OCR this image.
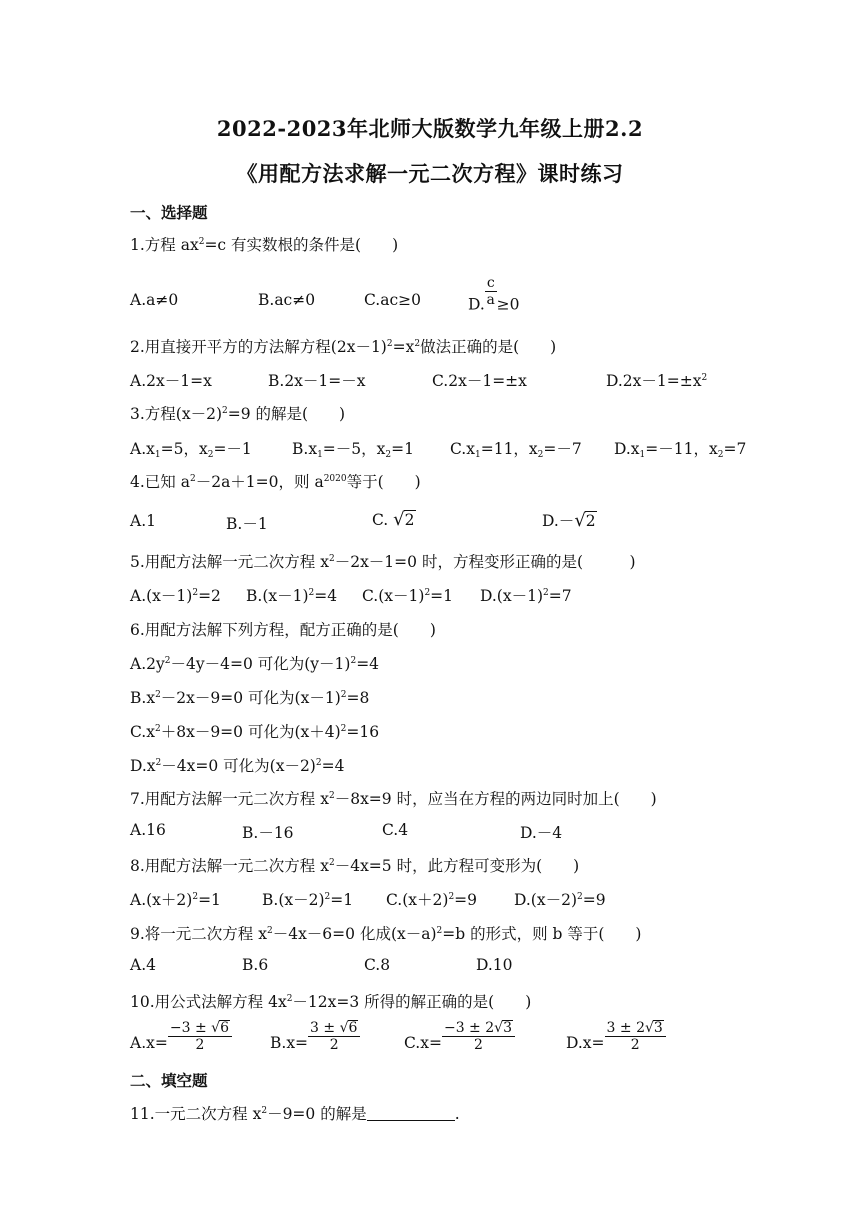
2022-2023年北师大版数学九年级上册2.2
《用配方法求解一元二次方程》课时练习
一、选择题
1.方程 $ax^2=c$ 有实数根的条件是(　　)
A.a≠0	B.ac≠0	C.ac≥0	D. $\frac{c}{a} \ge 0$
2.用直接开平方的方法解方程$(2x-1)^2=x^2$做法正确的是(　　)
A.2x－1=x	B.2x－1=－x	C.2x－1=±x	$D.2x-1=\pm x^2$
3.方程$(x-2)^2=9$ 的解是(　　)
$A.x_1=5$，$x_2=-1$	$B.x_1=-5$，$x_2=1$ $C.x_1=11$，$x_2=-7$ $D.x_1=-11$，$x_2=7$
4.已知 $a^2-2a+1=0$，则 $a^{2020}$等于(　　)
A.1	B.－1	C. √2	D.－√2
5.用配方法解一元二次方程 $x^2-2x-1=0$ 时，方程变形正确的是(　　　)
$A.(x-1)^2=2$ $B.(x-1)^2=4$ $C.(x-1)^2=1$ $D.(x-1)^2=7$
6.用配方法解下列方程，配方正确的是(　　)
$A.2y^2-4y-4=0$ 可化为$(y-1)^2=4$
$B.x^2-2x-9=0$ 可化为$(x-1)^2=8$
$C.x^2+8x-9=0$ 可化为$(x+4)^2=16$
$D.x^2-4x=0$ 可化为$(x-2)^2=4$
7.用配方法解一元二次方程 $x^2-8x=9$ 时，应当在方程的两边同时加上(　　)
A.16	B.－16	C.4	D.－4
8.用配方法解一元二次方程 $x^2-4x=5$ 时，此方程可变形为(　　)
$A.(x+2)^2=1$	$B.(x-2)^2=1$ $C.(x+2)^2=9$ $D.(x-2)^2=9$
9.将一元二次方程 $x^2-4x-6=0$ 化成$(x-a)^2=b$ 的形式，则 b 等于(　　)
A.4	B.6	C.8	D.10
10.用公式法解方程 $4x^2-12x=3$ 所得的解正确的是(　　)
$A.x= \frac{-3 \pm √6}{2} B.x= \frac{3 \pm √6}{2}$	$C.x= \frac{-3 \pm 2√3}{2}$	$D.x= \frac{3 \pm 2√3}{2}$
二、填空题
11.一元二次方程 $x^2-9=0$ 的解是	.
